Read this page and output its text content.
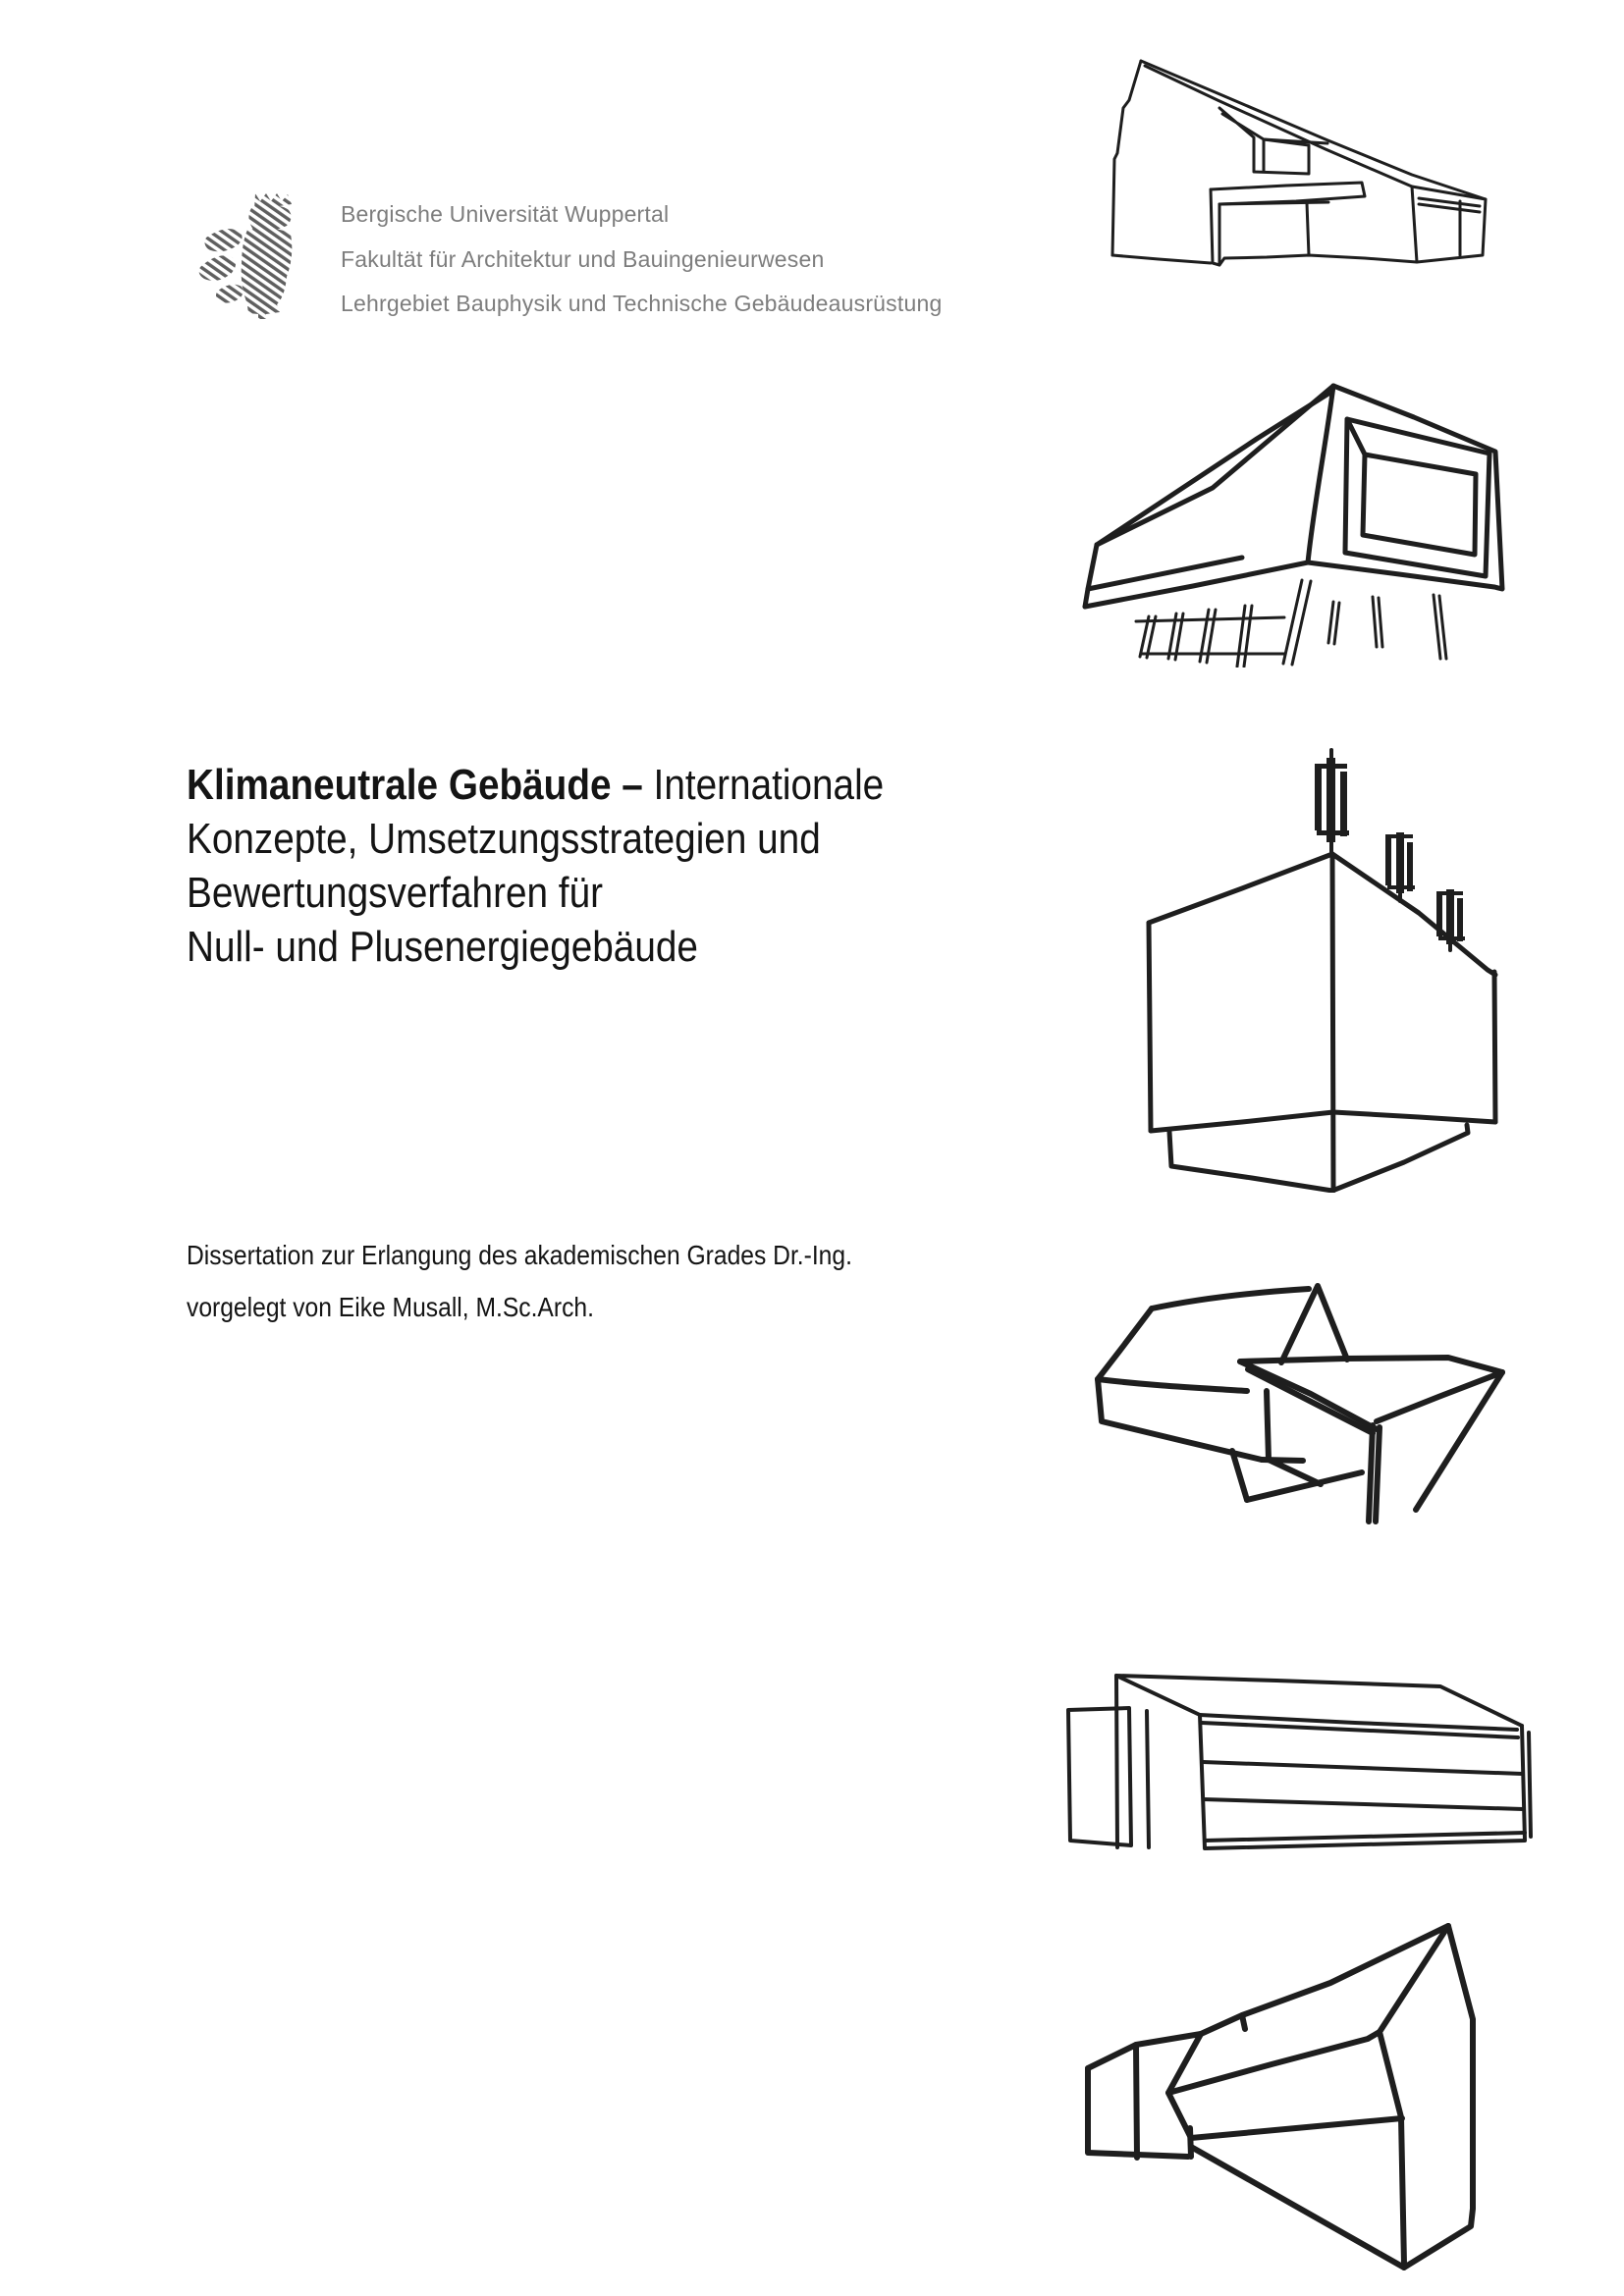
Bergische Universität Wuppertal
Fakultät für Architektur und Bauingenieurwesen
Lehrgebiet Bauphysik und Technische Gebäudeausrüstung
Klimaneutrale Gebäude – Internationale
Konzepte, Umsetzungsstrategien und
Bewertungsverfahren für
Null- und Plusenergiegebäude
Dissertation zur Erlangung des akademischen Grades Dr.-Ing.
vorgelegt von Eike Musall, M.Sc.Arch.
